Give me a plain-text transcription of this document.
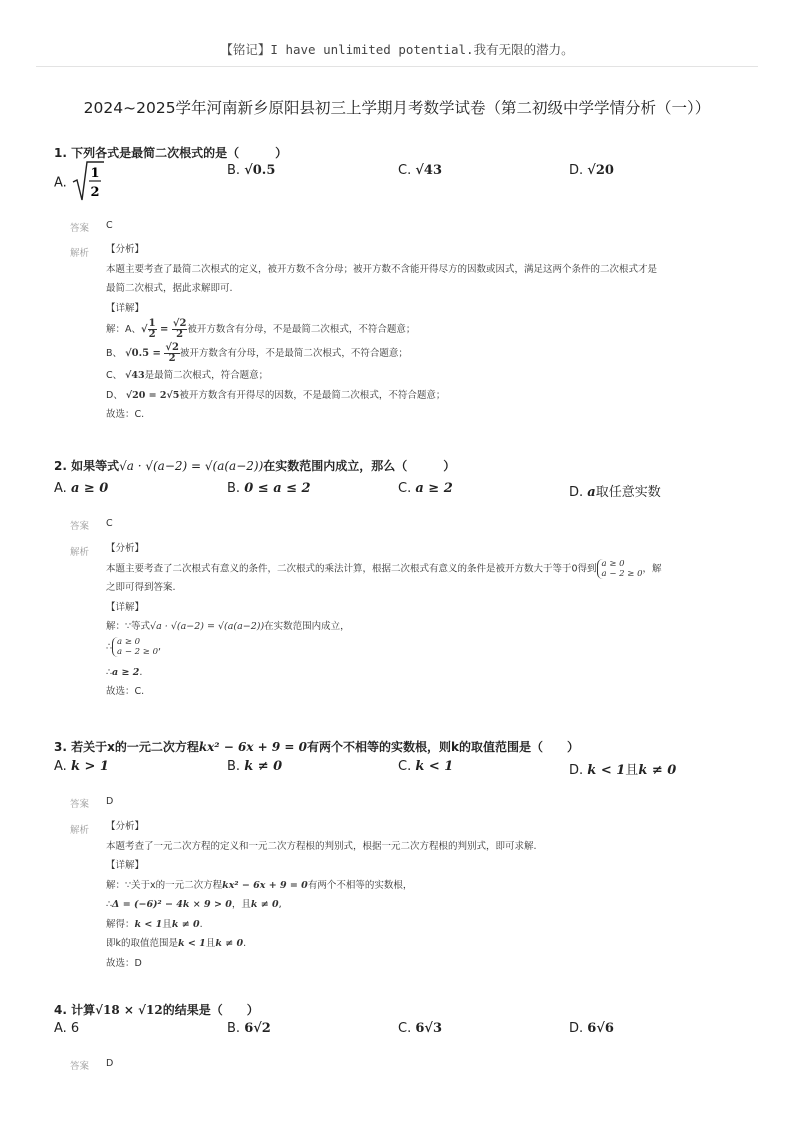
【铭记】I have unlimited potential.我有无限的潜力。
2024~2025学年河南新乡原阳县初三上学期月考数学试卷（第二初级中学学情分析（一））
1. 下列各式是最简二次根式的是（　　　）
A.
1
2
B. √0.5	C. √43	D. √20
答案 C
解析 【分析】
本题主要考查了最简二次根式的定义，被开方数不含分母；被开方数不含能开得尽方的因数或因式，满足这两个条件的二次根式才是
最简二次根式，据此求解即可.
【详解】
解：A、√ $\frac{1}{2} = \frac{√2}{2}$ 被开方数含有分母，不是最简二次根式，不符合题意；
B、 $√0.5 = \frac{√2}{2}$ 被开方数含有分母，不是最简二次根式，不符合题意；
C、 √43是最简二次根式，符合题意；
D、 √20 = 2√5被开方数含有开得尽的因数，不是最简二次根式，不符合题意；
故选：C.
2. 如果等式√a · √(a−2) = √(a(a−2))在实数范围内成立，那么（　　　）
A. a ≥ 0	B. 0 ≤ a ≤ 2	C. a ≥ 2	D. a取任意实数
答案 C
解析 【分析】
本题主要考查了二次根式有意义的条件，二次根式的乘法计算，根据二次根式有意义的条件是被开方数大于等于0得到 a ≥ 0
a − 2 ≥ 0，解
之即可得到答案.
【详解】
解：∵等式√a · √(a−2) = √(a(a−2))在实数范围内成立，
∴ a ≥ 0
a − 2 ≥ 0,
∴a ≥ 2.
故选：C.
3. 若关于x的一元二次方程kx² − 6x + 9 = 0有两个不相等的实数根，则k的取值范围是（　　）
A. k > 1	B. k ≠ 0	C. k < 1	D. k < 1且k ≠ 0
答案 D
解析 【分析】
本题考查了一元二次方程的定义和一元二次方程根的判别式，根据一元二次方程根的判别式，即可求解.
【详解】
解：∵关于x的一元二次方程kx² − 6x + 9 = 0有两个不相等的实数根，
∴Δ = (−6)² − 4k × 9 > 0，且k ≠ 0,
解得：k < 1且k ≠ 0.
即k的取值范围是k < 1且k ≠ 0.
故选：D
4. 计算√18 × √12的结果是（　　）
A. 6	B. 6√2	C. 6√3	D. 6√6
答案 D
